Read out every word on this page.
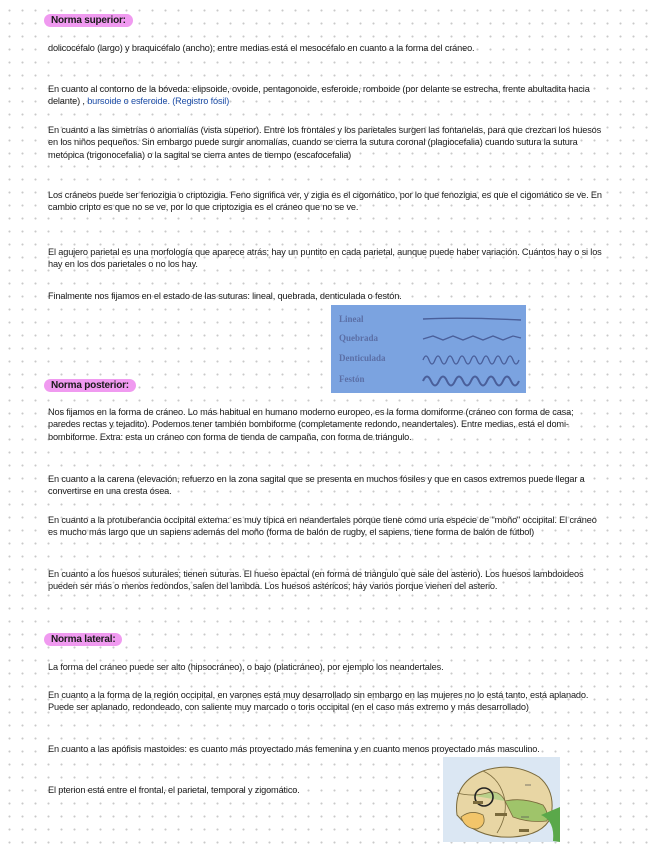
Norma superior:

dolicocéfalo (largo) y braquicéfalo (ancho); entre medias está el mesocéfalo en cuanto a la forma del cráneo.

En cuanto al contorno de la bóveda: elipsoide, ovoide, pentagonoide, esferoide, romboide (por delante se estrecha, frente abultadita hacia delante) , bursoide o esferoide. (Registro fósil)

En cuanto a las simetrías o anomalías (vista superior). Entre los frontales y los parietales surgen las fontanelas, para que crezcan los huesos en los niños pequeños. Sin embargo puede surgir anomalías, cuando se cierra la sutura coronal (plagiocefalia) cuando sutura la sutura metópica (trigonocefalia) o la sagital se cierra antes de tiempo (escafocefalia)

Los cráneos puede ser fenozigia o criptozigia. Feno significa ver, y zigia es el cigomático, por lo que fenozigia, es que el cigomático se ve. En cambio cripto es que no se ve, por lo que criptozigia es el cráneo que no se ve.

El agujero parietal es una morfología que aparece atrás; hay un puntito en cada parietal, aunque puede haber variación. Cuántos hay o si los hay en los dos parietales o no los hay.

Finalmente nos fijamos en el estado de las suturas: lineal, quebrada, denticulada o festón.

Lineal
Quebrada
Denticulada
Festón
Norma posterior:

Nos fijamos en la forma de cráneo. Lo más habitual en humano moderno europeo, es la forma domiforme (cráneo con forma de casa; paredes rectas y tejadito). Podemos tener también bombiforme (completamente redondo, neandertales). Entre medias, está el domi-bombiforme. Extra: esta un cráneo con forma de tienda de campaña, con forma de triángulo.

En cuanto a la carena (elevación, refuerzo en la zona sagital que se presenta en muchos fósiles y que en casos extremos puede llegar a convertirse en una cresta ósea.

En cuanto a la protuberancia occipital externa: es muy típica en neandertales porque tiene como una especie de "moño" occipital. El cráneo es mucho más largo que un sapiens además del moño (forma de balón de rugby, el sapiens, tiene forma de balón de fútbol)

En cuanto a los huesos suturales; tienen suturas. El hueso epactal (en forma de triángulo que sale del asterio). Los huesos lambdoideos pueden ser más o menos redondos, salen del lambda. Los huesos astéricos; hay varios porque vienen del asterio.

Norma lateral:

La forma del cráneo puede ser alto (hipsocráneo), o bajo (platicráneo), por ejemplo los neandertales.

En cuanto a la forma de la región occipital, en varones está muy desarrollado sin embargo en las mujeres no lo está tanto, está aplanado. Puede ser aplanado, redondeado, con saliente muy marcado o toris occipital (en el caso más extremo y más desarrollado)

En cuanto a las apófisis mastoides: es cuanto más proyectado más femenina y en cuanto menos proyectado más masculino.

El pterion está entre el frontal, el parietal, temporal y zigomático.
